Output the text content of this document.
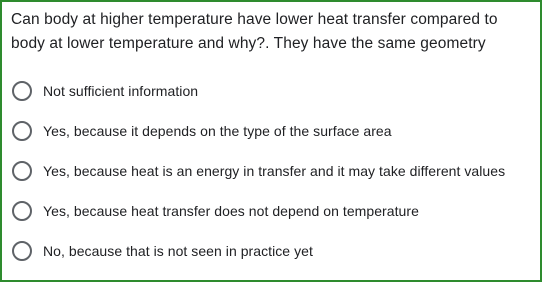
Can body at higher temperature have lower heat transfer compared to body at lower temperature and why?. They have the same geometry
Not sufficient information
Yes, because it depends on the type of the surface area
Yes, because heat is an energy in transfer and it may take different values
Yes, because heat transfer does not depend on temperature
No, because that is not seen in practice yet
